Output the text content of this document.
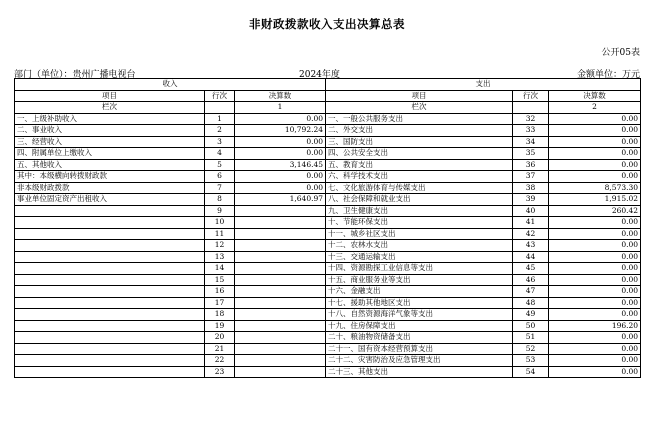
非财政拨款收入支出决算总表
公开05表
部门（单位）：贵州广播电视台	2024年度	金额单位：万元
收入			支出		
项目	行次	决算数	项目	行次	决算数
栏次		1	栏次		2
一、上级补助收入	1	0.00	一、一般公共服务支出	32	0.00
二、事业收入	2	10,792.24	二、外交支出	33	0.00
三、经营收入	3	0.00	三、国防支出	34	0.00
四、附属单位上缴收入	4	0.00	四、公共安全支出	35	0.00
五、其他收入	5	3,146.45	五、教育支出	36	0.00
其中：本级横向转拨财政款	6	0.00	六、科学技术支出	37	0.00
非本级财政拨款	7	0.00	七、文化旅游体育与传媒支出	38	8,573.30
事业单位固定资产出租收入	8	1,640.97	八、社会保障和就业支出	39	1,915.02
	9		九、卫生健康支出	40	260.42
	10		十、节能环保支出	41	0.00
	11		十一、城乡社区支出	42	0.00
	12		十二、农林水支出	43	0.00
	13		十三、交通运输支出	44	0.00
	14		十四、资源勘探工业信息等支出	45	0.00
	15		十五、商业服务业等支出	46	0.00
	16		十六、金融支出	47	0.00
	17		十七、援助其他地区支出	48	0.00
	18		十八、自然资源海洋气象等支出	49	0.00
	19		十九、住房保障支出	50	196.20
	20		二十、粮油物资储备支出	51	0.00
	21		二十一、国有资本经营预算支出	52	0.00
	22		二十二、灾害防治及应急管理支出	53	0.00
	23		二十三、其他支出	54	0.00
